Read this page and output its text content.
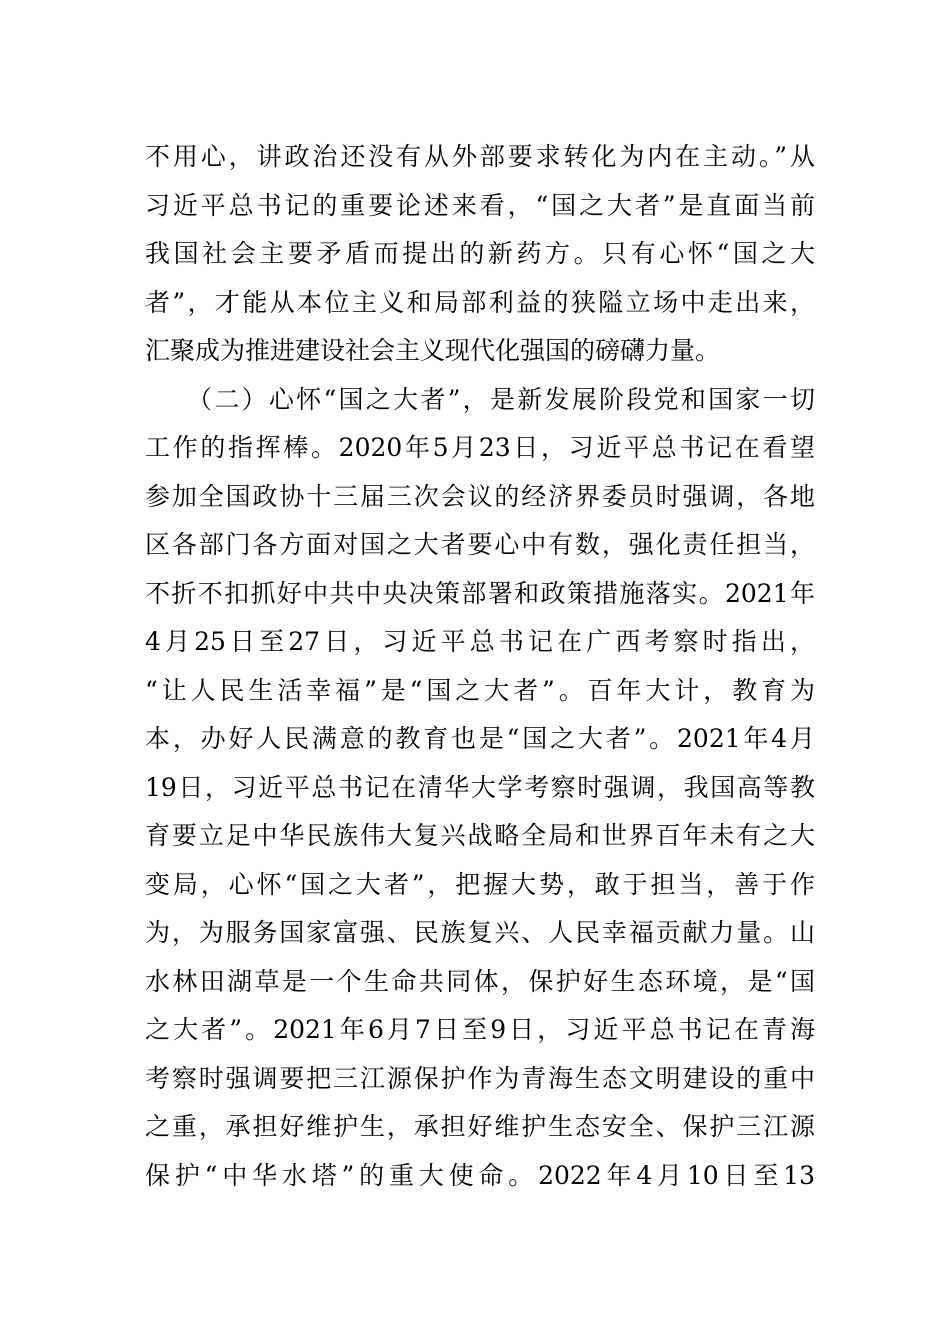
不用心，讲政治还没有从外部要求转化为内在主动。”从
习近平总书记的重要论述来看，“国之大者”是直面当前
我国社会主要矛盾而提出的新药方。只有心怀“国之大
者”，才能从本位主义和局部利益的狭隘立场中走出来，
汇聚成为推进建设社会主义现代化强国的磅礴力量。
　　（二）心怀“国之大者”，是新发展阶段党和国家一切
工作的指挥棒。2020年5月23日，习近平总书记在看望
参加全国政协十三届三次会议的经济界委员时强调，各地
区各部门各方面对国之大者要心中有数，强化责任担当，
不折不扣抓好中共中央决策部署和政策措施落实。2021年
4月25日至27日，习近平总书记在广西考察时指出，
“让人民生活幸福”是“国之大者”。百年大计，教育为
本，办好人民满意的教育也是“国之大者”。2021年4月
19日，习近平总书记在清华大学考察时强调，我国高等教
育要立足中华民族伟大复兴战略全局和世界百年未有之大
变局，心怀“国之大者”，把握大势，敢于担当，善于作
为，为服务国家富强、民族复兴、人民幸福贡献力量。山
水林田湖草是一个生命共同体，保护好生态环境，是“国
之大者”。2021年6月7日至9日，习近平总书记在青海
考察时强调要把三江源保护作为青海生态文明建设的重中
之重，承担好维护生，承担好维护生态安全、保护三江源
保护“中华水塔”的重大使命。2022年4月10日至13
